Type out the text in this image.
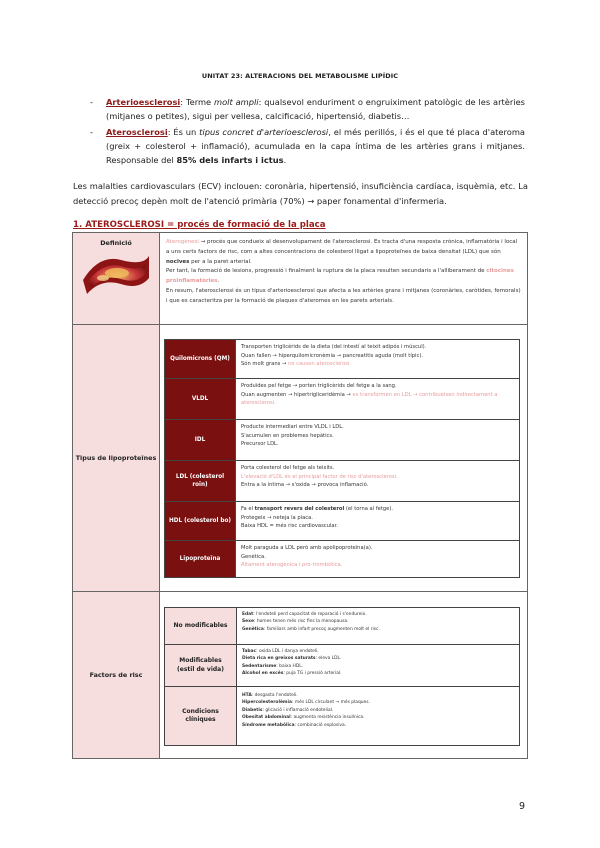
UNITAT 23: ALTERACIONS DEL METABOLISME LIPÍDIC
- Arterioesclerosi: Terme molt ampli: qualsevol enduriment o engruiximent patològic de les artèries (mitjanes o petites), sigui per vellesa, calcificació, hipertensió, diabetis…
- Aterosclerosi: És un tipus concret d'arterioesclerosi, el més perillós, i és el que té placa d'ateroma (greix + colesterol + inflamació), acumulada en la capa íntima de les artèries grans i mitjanes. Responsable del 85% dels infarts i ictus.
Les malalties cardiovasculars (ECV) inclouen: coronària, hipertensió, insuficiència cardíaca, isquèmia, etc. La detecció precoç depèn molt de l'atenció primària (70%) → paper fonamental d'infermeria.
1. ATEROSCLEROSI = procés de formació de la placa
Definició	Aterogènesi → procés que condueix al desenvolupament de l'aterosclerosi. Es tracta d'una resposta crònica, inflamatòria i local a uns certs factors de risc, com a altes concentracions de colesterol lligat a lipoproteïnes de baixa densitat (LDL) que són nocives per a la paret arterial.
Per tant, la formació de lesions, progressió i finalment la ruptura de la placa resulten secundaris a l'alliberament de citocines proinflamatòries.
En resum, l'aterosclerosi és un tipus d'arterioesclerosi que afecta a les artèries grans i mitjanes (coronàries, caròtides, femorals) i que es caracteritza per la formació de plaques d'ateromes en les parets arterials.
Tipus de lipoproteïnes
Quilomicrons (QM)
Transporten triglicèrids de la dieta (del intestí al teixit adipós i múscul).
Quan fallen → hiperquilomicronèmia → pancreatitis aguda (molt típic).
Són molt grans → no causen aterosclerosi.
VLDL
Produïdes pel fetge → porten triglicèrids del fetge a la sang.
Quan augmenten → hipertrigliceridèmia → es transformen en LDL → contribueixen indirectament a aterosclerosi.
IDL
Producte intermediari entre VLDL i LDL.
S'acumulen en problemes hepàtics.
Precursor LDL.
LDL (colesterol roïn)
Porta colesterol del fetge als teixits.
L'elevació d'LDL és el principal factor de risc d'aterosclerosi.
Entra a la íntima → s'oxida → provoca inflamació.
HDL (colesterol bo)
Fa el transport revers del colesterol (el torna al fetge).
Protegeix → neteja la placa.
Baixa HDL = més risc cardiovascular.
Lipoproteïna
Molt paraguda a LDL però amb apolipoproteïna(a).
Genètica.
Altament aterogènica i pro-trombòtica.
Factors de risc
No modificables
Edat: l'endoteli perd capacitat de reparació i s'endureix.
Sexe: homes tenen més risc fins la menopausa.
Genètica: familiars amb infart precoç augmenten molt el risc.
Modificables (estil de vida)
Tabac: oxida LDL i danya endoteli.
Dieta rica en greixos saturats: eleva LDL.
Sedentarisme: baixa HDL.
Alcohol en excés: puja TG i pressió arterial.
Condicions clíniques
HTA: desgasta l'endoteli.
Hipercolesterolèmia: més LDL circulant → més plaques.
Diabetis: glicació i inflamació endotelial.
Obesitat abdominal: augmenta resistència insulínica.
Síndrome metabòlica: combinació explosiva.
9
